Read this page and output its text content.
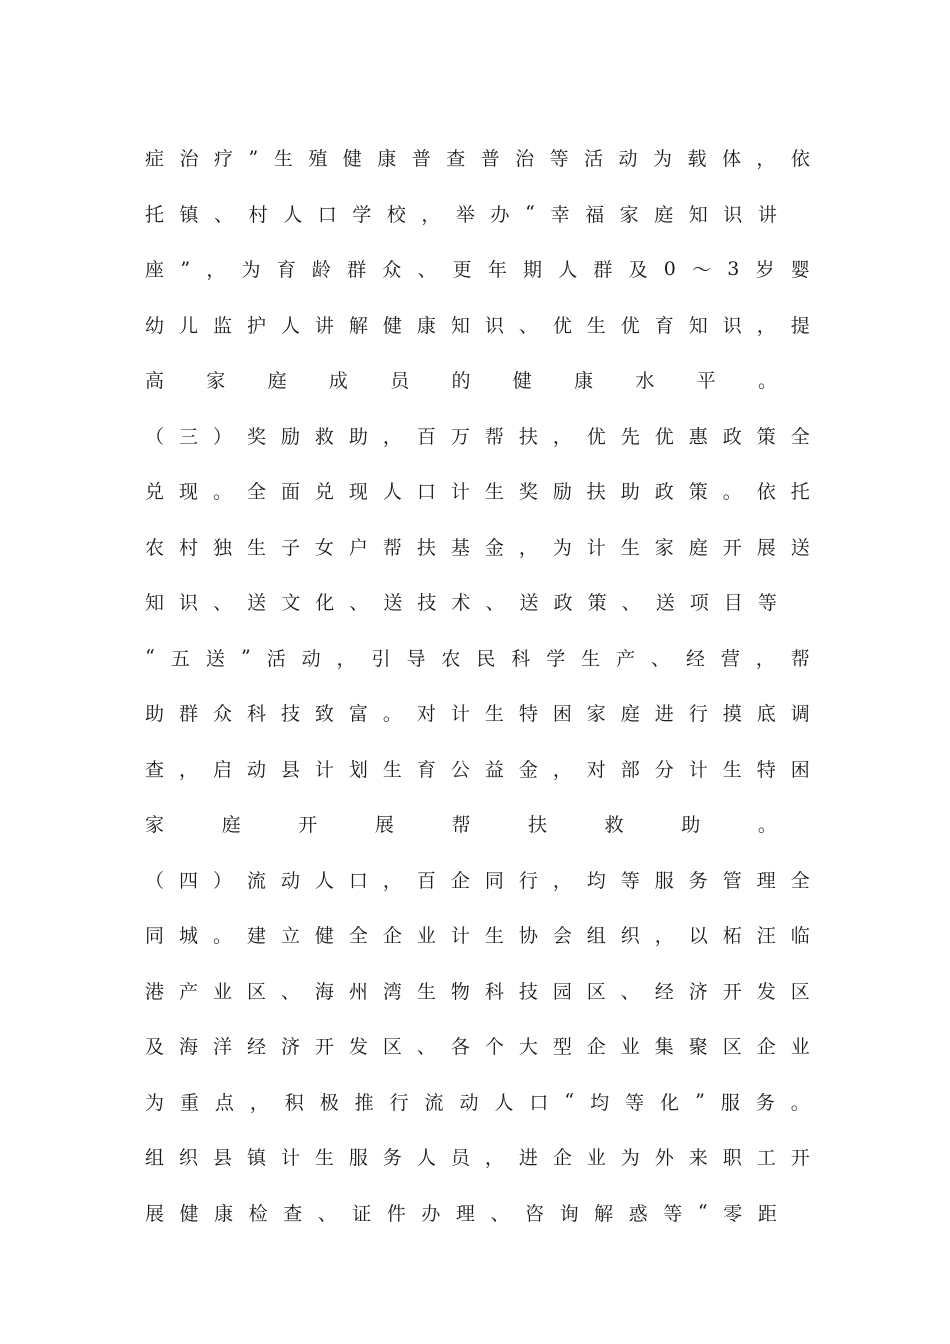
症 治 疗 ” 生 殖 健 康 普 查 普 治 等 活 动 为 载 体 ， 依
托 镇 、 村 人 口 学 校 ， 举 办 “ 幸 福 家 庭 知 识 讲
座 ” ， 为 育 龄 群 众 、 更 年 期 人 群 及 0 ～ 3 岁 婴
幼 儿 监 护 人 讲 解 健 康 知 识 、 优 生 优 育 知 识 ， 提
高 家 庭 成 员 的 健 康 水 平 。
（ 三 ） 奖 励 救 助 ， 百 万 帮 扶 ， 优 先 优 惠 政 策 全
兑 现 。 全 面 兑 现 人 口 计 生 奖 励 扶 助 政 策 。 依 托
农 村 独 生 子 女 户 帮 扶 基 金 ， 为 计 生 家 庭 开 展 送
知 识 、 送 文 化 、 送 技 术 、 送 政 策 、 送 项 目 等
“ 五 送 ” 活 动 ， 引 导 农 民 科 学 生 产 、 经 营 ， 帮
助 群 众 科 技 致 富 。 对 计 生 特 困 家 庭 进 行 摸 底 调
查 ， 启 动 县 计 划 生 育 公 益 金 ， 对 部 分 计 生 特 困
家	庭	开	展	帮	扶	救	助	。
（ 四 ） 流 动 人 口 ， 百 企 同 行 ， 均 等 服 务 管 理 全
同 城 。 建 立 健 全 企 业 计 生 协 会 组 织 ， 以 柘 汪 临
港 产 业 区 、 海 州 湾 生 物 科 技 园 区 、 经 济 开 发 区
及 海 洋 经 济 开 发 区 、 各 个 大 型 企 业 集 聚 区 企 业
为 重 点 ， 积 极 推 行 流 动 人 口 “ 均 等 化 ” 服 务 。
组 织 县 镇 计 生 服 务 人 员 ， 进 企 业 为 外 来 职 工 开
展 健 康 检 查 、 证 件 办 理 、 咨 询 解 惑 等 “ 零 距
